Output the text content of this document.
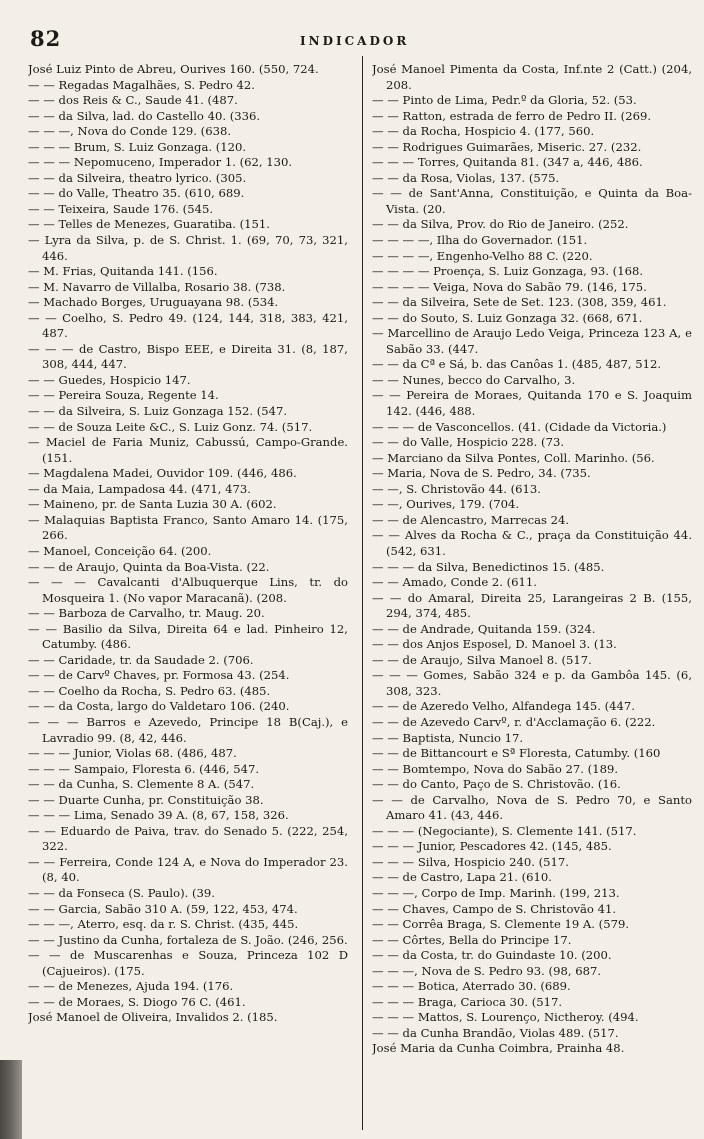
82	INDICADOR
José Luiz Pinto de Abreu, Ourives 160. (550, 724.
— — Regadas Magalhães, S. Pedro 42.
— — dos Reis & C., Saude 41. (487.
— — da Silva, lad. do Castello 40. (336.
— — —, Nova do Conde 129. (638.
— — — Brum, S. Luiz Gonzaga. (120.
— — — Nepomuceno, Imperador 1. (62, 130.
— — da Silveira, theatro lyrico. (305.
— — do Valle, Theatro 35. (610, 689.
— — Teixeira, Saude 176. (545.
— — Telles de Menezes, Guaratiba. (151.
— Lyra da Silva, p. de S. Christ. 1. (69, 70, 73, 321, 446.
— M. Frias, Quitanda 141. (156.
— M. Navarro de Villalba, Rosario 38. (738.
— Machado Borges, Uruguayana 98. (534.
— — Coelho, S. Pedro 49. (124, 144, 318, 383, 421, 487.
— — — de Castro, Bispo EEE, e Direita 31. (8, 187, 308, 444, 447.
— — Guedes, Hospicio 147.
— — Pereira Souza, Regente 14.
— — da Silveira, S. Luiz Gonzaga 152. (547.
— — de Souza Leite &C., S. Luiz Gonz. 74. (517.
— Maciel de Faria Muniz, Cabussú, Campo-Grande. (151.
— Magdalena Madei, Ouvidor 109. (446, 486.
— da Maia, Lampadosa 44. (471, 473.
— Maineno, pr. de Santa Luzia 30 A. (602.
— Malaquias Baptista Franco, Santo Amaro 14. (175, 266.
— Manoel, Conceição 64. (200.
— — de Araujo, Quinta da Boa-Vista. (22.
— — — Cavalcanti d'Albuquerque Lins, tr. do Mosqueira 1. (No vapor Maracanã). (208.
— — Barboza de Carvalho, tr. Maug. 20.
— — Basilio da Silva, Direita 64 e lad. Pinheiro 12, Catumby. (486.
— — Caridade, tr. da Saudade 2. (706.
— — de Carvº Chaves, pr. Formosa 43. (254.
— — Coelho da Rocha, S. Pedro 63. (485.
— — da Costa, largo do Valdetaro 106. (240.
— — — Barros e Azevedo, Principe 18 B(Caj.), e Lavradio 99. (8, 42, 446.
— — — Junior, Violas 68. (486, 487.
— — — Sampaio, Floresta 6. (446, 547.
— — da Cunha, S. Clemente 8 A. (547.
— — Duarte Cunha, pr. Constituição 38.
— — — Lima, Senado 39 A. (8, 67, 158, 326.
— — Eduardo de Paiva, trav. do Senado 5. (222, 254, 322.
— — Ferreira, Conde 124 A, e Nova do Imperador 23. (8, 40.
— — da Fonseca (S. Paulo). (39.
— — Garcia, Sabão 310 A. (59, 122, 453, 474.
— — —, Aterro, esq. da r. S. Christ. (435, 445.
— — Justino da Cunha, fortaleza de S. João. (246, 256.
— — de Muscarenhas e Souza, Princeza 102 D (Cajueiros). (175.
— — de Menezes, Ajuda 194. (176.
— — de Moraes, S. Diogo 76 C. (461.
José Manoel de Oliveira, Invalidos 2. (185.
José Manoel Pimenta da Costa, Inf.nte 2 (Catt.) (204, 208.
— — Pinto de Lima, Pedr.º da Gloria, 52. (53.
— — Ratton, estrada de ferro de Pedro II. (269.
— — da Rocha, Hospicio 4. (177, 560.
— — Rodrigues Guimarães, Miseric. 27. (232.
— — — Torres, Quitanda 81. (347 a, 446, 486.
— — da Rosa, Violas, 137. (575.
— — de Sant'Anna, Constituição, e Quinta da Boa-Vista. (20.
— — da Silva, Prov. do Rio de Janeiro. (252.
— — — —, Ilha do Governador. (151.
— — — —, Engenho-Velho 88 C. (220.
— — — — Proença, S. Luiz Gonzaga, 93. (168.
— — — — Veiga, Nova do Sabão 79. (146, 175.
— — da Silveira, Sete de Set. 123. (308, 359, 461.
— — do Souto, S. Luiz Gonzaga 32. (668, 671.
— Marcellino de Araujo Ledo Veiga, Princeza 123 A, e Sabão 33. (447.
— — da Cª e Sá, b. das Canôas 1. (485, 487, 512.
— — Nunes, becco do Carvalho, 3.
— — Pereira de Moraes, Quitanda 170 e S. Joaquim 142. (446, 488.
— — — de Vasconcellos. (41. (Cidade da Victoria.)
— — do Valle, Hospicio 228. (73.
— Marciano da Silva Pontes, Coll. Marinho. (56.
— Maria, Nova de S. Pedro, 34. (735.
— —, S. Christovão 44. (613.
— —, Ourives, 179. (704.
— — de Alencastro, Marrecas 24.
— — Alves da Rocha & C., praça da Constituição 44. (542, 631.
— — — da Silva, Benedictinos 15. (485.
— — Amado, Conde 2. (611.
— — do Amaral, Direita 25, Larangeiras 2 B. (155, 294, 374, 485.
— — de Andrade, Quitanda 159. (324.
— — dos Anjos Esposel, D. Manoel 3. (13.
— — de Araujo, Silva Manoel 8. (517.
— — — Gomes, Sabão 324 e p. da Gambôa 145. (6, 308, 323.
— — de Azeredo Velho, Alfandega 145. (447.
— — de Azevedo Carvº, r. d'Acclamação 6. (222.
— — Baptista, Nuncio 17.
— — de Bittancourt e Sª Floresta, Catumby. (160
— — Bomtempo, Nova do Sabão 27. (189.
— — do Canto, Paço de S. Christovão. (16.
— — de Carvalho, Nova de S. Pedro 70, e Santo Amaro 41. (43, 446.
— — — (Negociante), S. Clemente 141. (517.
— — — Junior, Pescadores 42. (145, 485.
— — — Silva, Hospicio 240. (517.
— — de Castro, Lapa 21. (610.
— — —, Corpo de Imp. Marinh. (199, 213.
— — Chaves, Campo de S. Christovão 41.
— — Corrêa Braga, S. Clemente 19 A. (579.
— — Côrtes, Bella do Principe 17.
— — da Costa, tr. do Guindaste 10. (200.
— — —, Nova de S. Pedro 93. (98, 687.
— — — Botica, Aterrado 30. (689.
— — — Braga, Carioca 30. (517.
— — — Mattos, S. Lourenço, Nictheroy. (494.
— — da Cunha Brandão, Violas 489. (517.
José Maria da Cunha Coimbra, Prainha 48.
